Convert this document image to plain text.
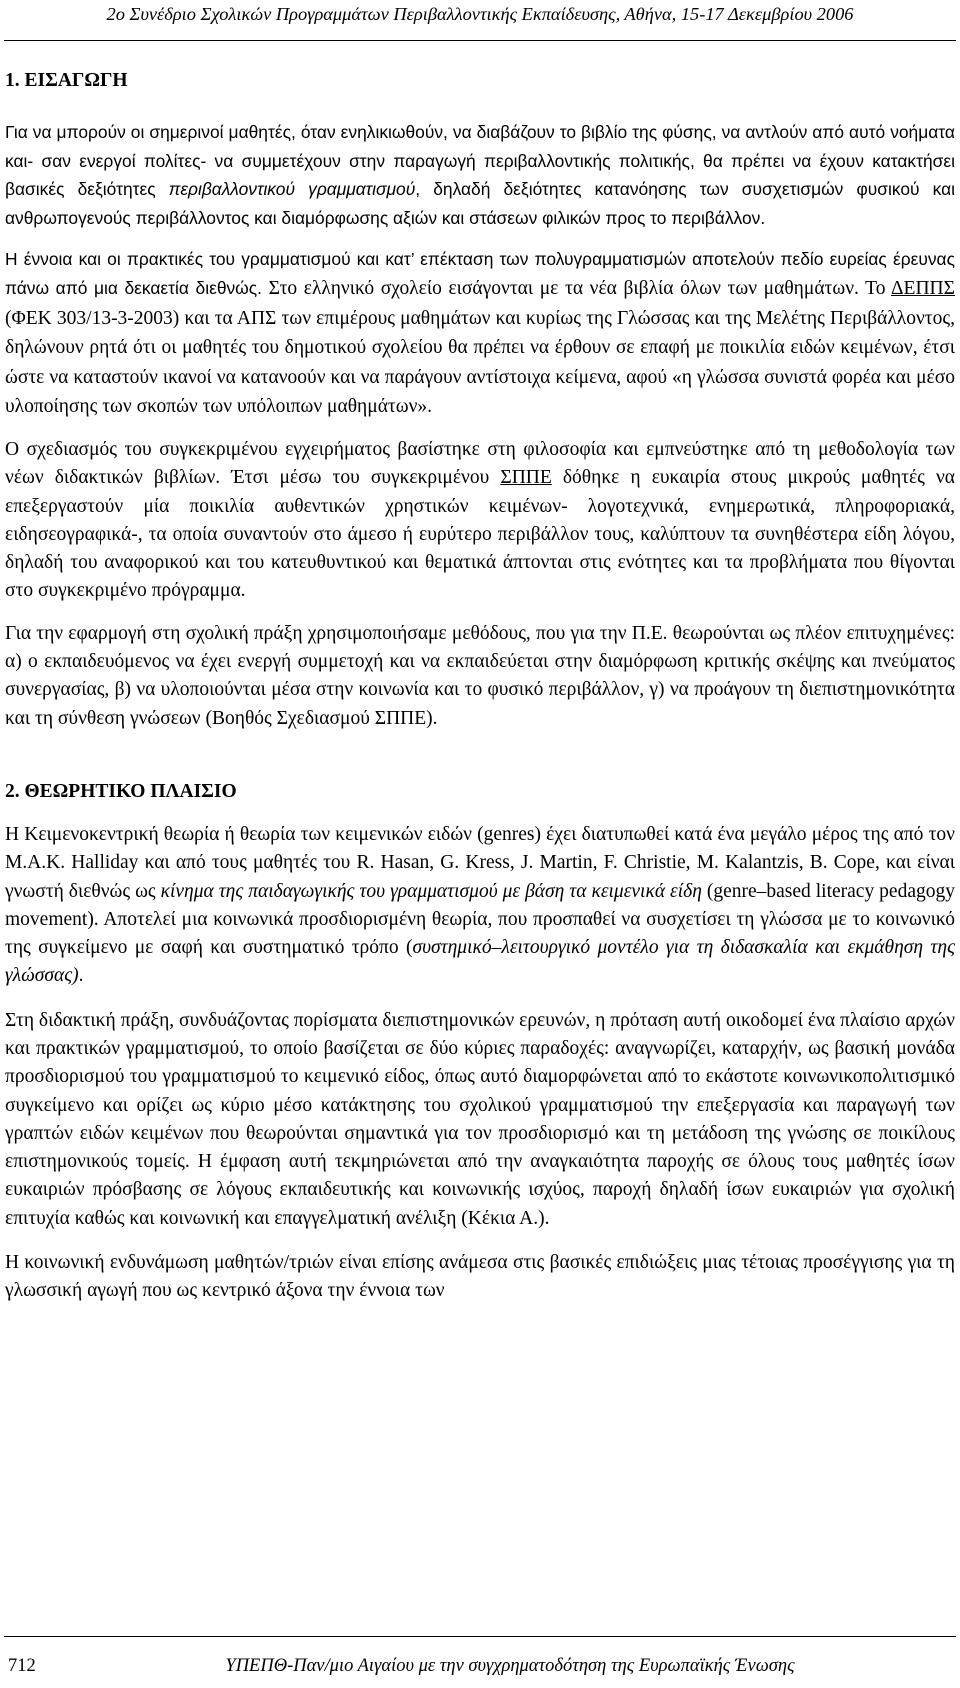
2ο Συνέδριο Σχολικών Προγραμμάτων Περιβαλλοντικής Εκπαίδευσης, Αθήνα, 15-17 Δεκεμβρίου 2006
1. ΕΙΣΑΓΩΓΗ

Για να μπορούν οι σημερινοί μαθητές, όταν ενηλικιωθούν, να διαβάζουν το βιβλίο της φύσης, να αντλούν από αυτό νοήματα και- σαν ενεργοί πολίτες- να συμμετέχουν στην παραγωγή περιβαλλοντικής πολιτικής, θα πρέπει να έχουν κατακτήσει βασικές δεξιότητες περιβαλλοντικού γραμματισμού, δηλαδή δεξιότητες κατανόησης των συσχετισμών φυσικού και ανθρωπογενούς περιβάλλοντος και διαμόρφωσης αξιών και στάσεων φιλικών προς το περιβάλλον.

Η έννοια και οι πρακτικές του γραμματισμού και κατ’ επέκταση των πολυγραμματισμών αποτελούν πεδίο ευρείας έρευνας πάνω από μια δεκαετία διεθνώς. Στο ελληνικό σχολείο εισάγονται με τα νέα βιβλία όλων των μαθημάτων. Το ΔΕΠΠΣ (ΦΕΚ 303/13-3-2003) και τα ΑΠΣ των επιμέρους μαθημάτων και κυρίως της Γλώσσας και της Μελέτης Περιβάλλοντος, δηλώνουν ρητά ότι οι μαθητές του δημοτικού σχολείου θα πρέπει να έρθουν σε επαφή με ποικιλία ειδών κειμένων, έτσι ώστε να καταστούν ικανοί να κατανοούν και να παράγουν αντίστοιχα κείμενα, αφού «η γλώσσα συνιστά φορέα και μέσο υλοποίησης των σκοπών των υπόλοιπων μαθημάτων».

Ο σχεδιασμός του συγκεκριμένου εγχειρήματος βασίστηκε στη φιλοσοφία και εμπνεύστηκε από τη μεθοδολογία των νέων διδακτικών βιβλίων. Έτσι μέσω του συγκεκριμένου ΣΠΠΕ δόθηκε η ευκαιρία στους μικρούς μαθητές να επεξεργαστούν μία ποικιλία αυθεντικών χρηστικών κειμένων- λογοτεχνικά, ενημερωτικά, πληροφοριακά, ειδησεογραφικά-, τα οποία συναντούν στο άμεσο ή ευρύτερο περιβάλλον τους, καλύπτουν τα συνηθέστερα είδη λόγου, δηλαδή του αναφορικού και του κατευθυντικού και θεματικά άπτονται στις ενότητες και τα προβλήματα που θίγονται στο συγκεκριμένο πρόγραμμα.

Για την εφαρμογή στη σχολική πράξη χρησιμοποιήσαμε μεθόδους, που για την Π.Ε. θεωρούνται ως πλέον επιτυχημένες: α) ο εκπαιδευόμενος να έχει ενεργή συμμετοχή και να εκπαιδεύεται στην διαμόρφωση κριτικής σκέψης και πνεύματος συνεργασίας, β) να υλοποιούνται μέσα στην κοινωνία και το φυσικό περιβάλλον, γ) να προάγουν τη διεπιστημονικότητα και τη σύνθεση γνώσεων (Βοηθός Σχεδιασμού ΣΠΠΕ).

2. ΘΕΩΡΗΤΙΚΟ ΠΛΑΙΣΙΟ

Η Κειμενοκεντρική θεωρία ή θεωρία των κειμενικών ειδών (genres) έχει διατυπωθεί κατά ένα μεγάλο μέρος της από τον M.A.K. Halliday και από τους μαθητές του R. Hasan, G. Kress, J. Martin, F. Christie, M. Kalantzis, B. Cope, και είναι γνωστή διεθνώς ως κίνημα της παιδαγωγικής του γραμματισμού με βάση τα κειμενικά είδη (genre–based literacy pedagogy movement). Αποτελεί μια κοινωνικά προσδιορισμένη θεωρία, που προσπαθεί να συσχετίσει τη γλώσσα με το κοινωνικό της συγκείμενο με σαφή και συστηματικό τρόπο (συστημικό–λειτουργικό μοντέλο για τη διδασκαλία και εκμάθηση της γλώσσας).

Στη διδακτική πράξη, συνδυάζοντας πορίσματα διεπιστημονικών ερευνών, η πρόταση αυτή οικοδομεί ένα πλαίσιο αρχών και πρακτικών γραμματισμού, το οποίο βασίζεται σε δύο κύριες παραδοχές: αναγνωρίζει, καταρχήν, ως βασική μονάδα προσδιορισμού του γραμματισμού το κειμενικό είδος, όπως αυτό διαμορφώνεται από το εκάστοτε κοινωνικοπολιτισμικό συγκείμενο και ορίζει ως κύριο μέσο κατάκτησης του σχολικού γραμματισμού την επεξεργασία και παραγωγή των γραπτών ειδών κειμένων που θεωρούνται σημαντικά για τον προσδιορισμό και τη μετάδοση της γνώσης σε ποικίλους επιστημονικούς τομείς. Η έμφαση αυτή τεκμηριώνεται από την αναγκαιότητα παροχής σε όλους τους μαθητές ίσων ευκαιριών πρόσβασης σε λόγους εκπαιδευτικής και κοινωνικής ισχύος, παροχή δηλαδή ίσων ευκαιριών για σχολική επιτυχία καθώς και κοινωνική και επαγγελματική ανέλιξη (Κέκια Α.).

Η κοινωνική ενδυνάμωση μαθητών/τριών είναι επίσης ανάμεσα στις βασικές επιδιώξεις μιας τέτοιας προσέγγισης για τη γλωσσική αγωγή που ως κεντρικό άξονα την έννοια των

712	ΥΠΕΠΘ-Παν/μιο Αιγαίου με την συγχρηματοδότηση της Ευρωπαϊκής Ένωσης
